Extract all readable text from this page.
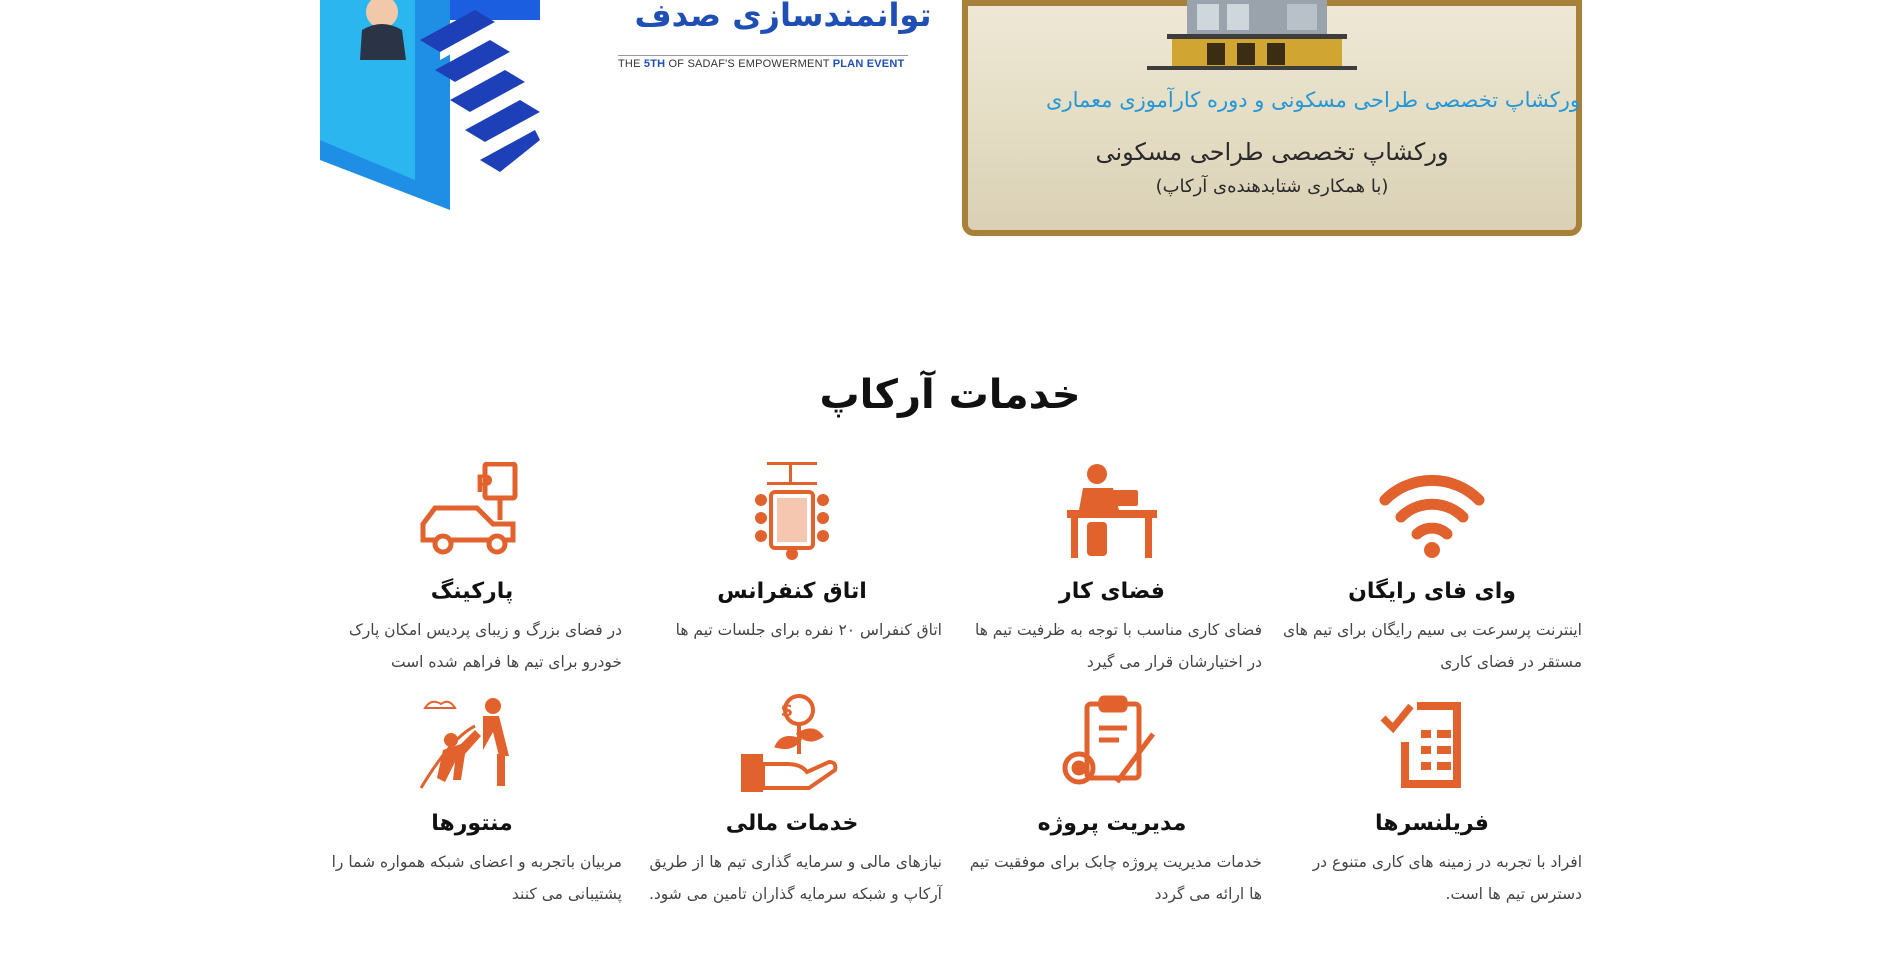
توانمندسازی صدف
THE 5TH OF SADAF'S EMPOWERMENT PLAN EVENT
ورکشاپ تخصصی طراحی مسکونی و دوره کارآموزی معماری
ورکشاپ تخصصی طراحی مسکونی
(با همکاری شتابدهنده‌ی آرکاپ)
خدمات آرکاپ
وای فای رایگان
اینترنت پرسرعت بی سیم رایگان برای تیم های مستقر در فضای کاری
فضای کار
فضای کاری مناسب با توجه به ظرفیت تیم ها در اختیارشان قرار می گیرد
اتاق کنفرانس
اتاق کنفراس ۲۰ نفره برای جلسات تیم ها
P
پارکینگ
در فضای بزرگ و زیبای پردیس امکان پارک خودرو برای تیم ها فراهم شده است
فریلنسرها
افراد با تجربه در زمینه های کاری متنوع در دسترس تیم ها است.
مدیریت پروژه
خدمات مدیریت پروژه چابک برای موفقیت تیم ها ارائه می گردد
$
خدمات مالی
نیازهای مالی و سرمایه گذاری تیم ها از طریق آرکاپ و شبکه سرمایه گذاران تامین می شود.
منتورها
مربیان باتجربه و اعضای شبکه همواره شما را پشتیبانی می کنند
